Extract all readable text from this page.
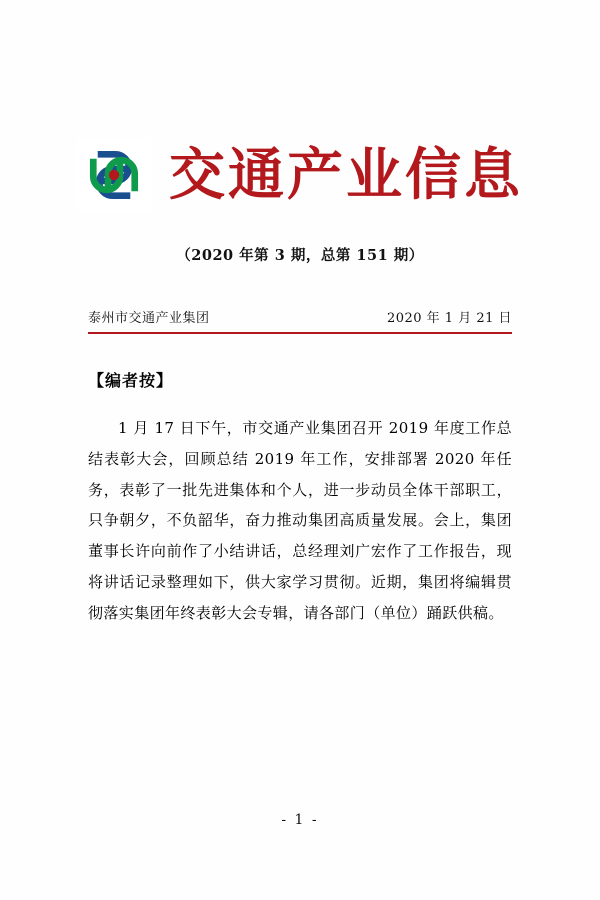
交通产业信息
（2020 年第 3 期，总第 151 期）
泰州市交通产业集团	2020 年 1 月 21 日
【编者按】

1 月 17 日下午，市交通产业集团召开 2019 年度工作总结表彰大会，回顾总结 2019 年工作，安排部署 2020 年任务，表彰了一批先进集体和个人，进一步动员全体干部职工，只争朝夕，不负韶华，奋力推动集团高质量发展。会上，集团董事长许向前作了小结讲话，总经理刘广宏作了工作报告，现将讲话记录整理如下，供大家学习贯彻。近期，集团将编辑贯彻落实集团年终表彰大会专辑，请各部门（单位）踊跃供稿。

- 1 -
